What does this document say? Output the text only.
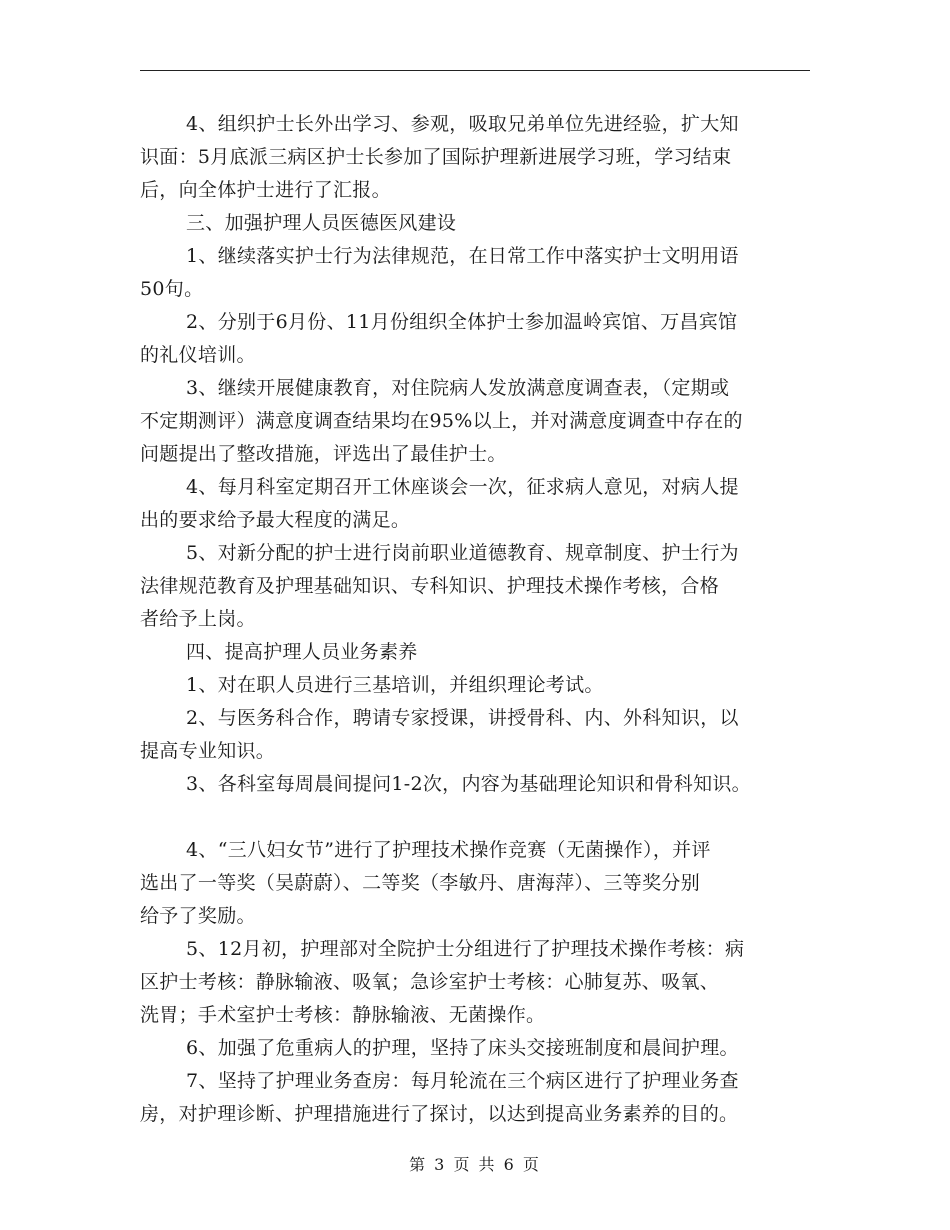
4、组织护士长外出学习、参观，吸取兄弟单位先进经验，扩大知
识面：5月底派三病区护士长参加了国际护理新进展学习班，学习结束
后，向全体护士进行了汇报。
三、加强护理人员医德医风建设
1、继续落实护士行为法律规范，在日常工作中落实护士文明用语
50句。
2、分别于6月份、11月份组织全体护士参加温岭宾馆、万昌宾馆
的礼仪培训。
3、继续开展健康教育，对住院病人发放满意度调查表，（定期或
不定期测评）满意度调查结果均在95%以上，并对满意度调查中存在的
问题提出了整改措施，评选出了最佳护士。
4、每月科室定期召开工休座谈会一次，征求病人意见，对病人提
出的要求给予最大程度的满足。
5、对新分配的护士进行岗前职业道德教育、规章制度、护士行为
法律规范教育及护理基础知识、专科知识、护理技术操作考核，合格
者给予上岗。
四、提高护理人员业务素养
1、对在职人员进行三基培训，并组织理论考试。
2、与医务科合作，聘请专家授课，讲授骨科、内、外科知识，以
提高专业知识。
3、各科室每周晨间提问1-2次，内容为基础理论知识和骨科知识。
4、“三八妇女节”进行了护理技术操作竞赛（无菌操作），并评
选出了一等奖（吴蔚蔚）、二等奖（李敏丹、唐海萍）、三等奖分别
给予了奖励。
5、12月初，护理部对全院护士分组进行了护理技术操作考核：病
区护士考核：静脉输液、吸氧；急诊室护士考核：心肺复苏、吸氧、
洗胃；手术室护士考核：静脉输液、无菌操作。
6、加强了危重病人的护理，坚持了床头交接班制度和晨间护理。
7、坚持了护理业务查房：每月轮流在三个病区进行了护理业务查
房，对护理诊断、护理措施进行了探讨，以达到提高业务素养的目的。
第 3 页 共 6 页
